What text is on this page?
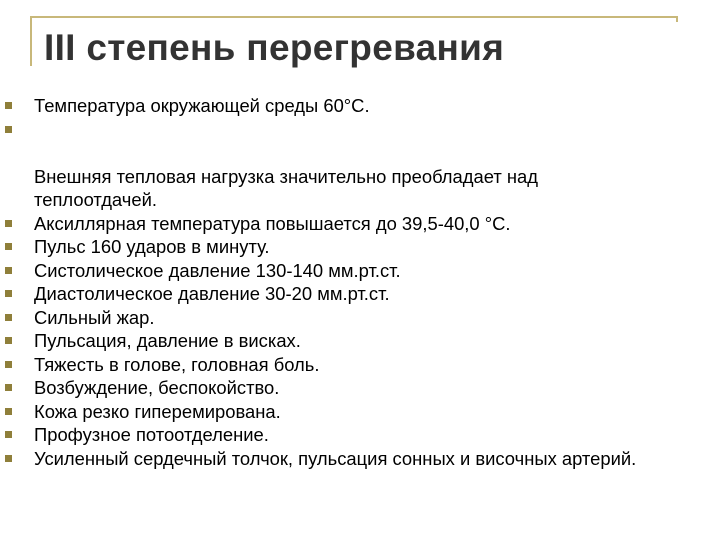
III степень перегревания
Температура окружающей среды 60°С.

Внешняя тепловая нагрузка значительно преобладает над
теплоотдачей.

Аксиллярная температура повышается до 39,5-40,0 °С.
Пульс 160 ударов в минуту.
Систолическое давление 130-140 мм.рт.ст.
Диастолическое давление 30-20 мм.рт.ст.
Сильный жар.
Пульсация, давление в висках.
Тяжесть в голове, головная боль.
Возбуждение, беспокойство.
Кожа резко гиперемирована.
Профузное потоотделение.
Усиленный сердечный толчок, пульсация сонных и височных артерий.
